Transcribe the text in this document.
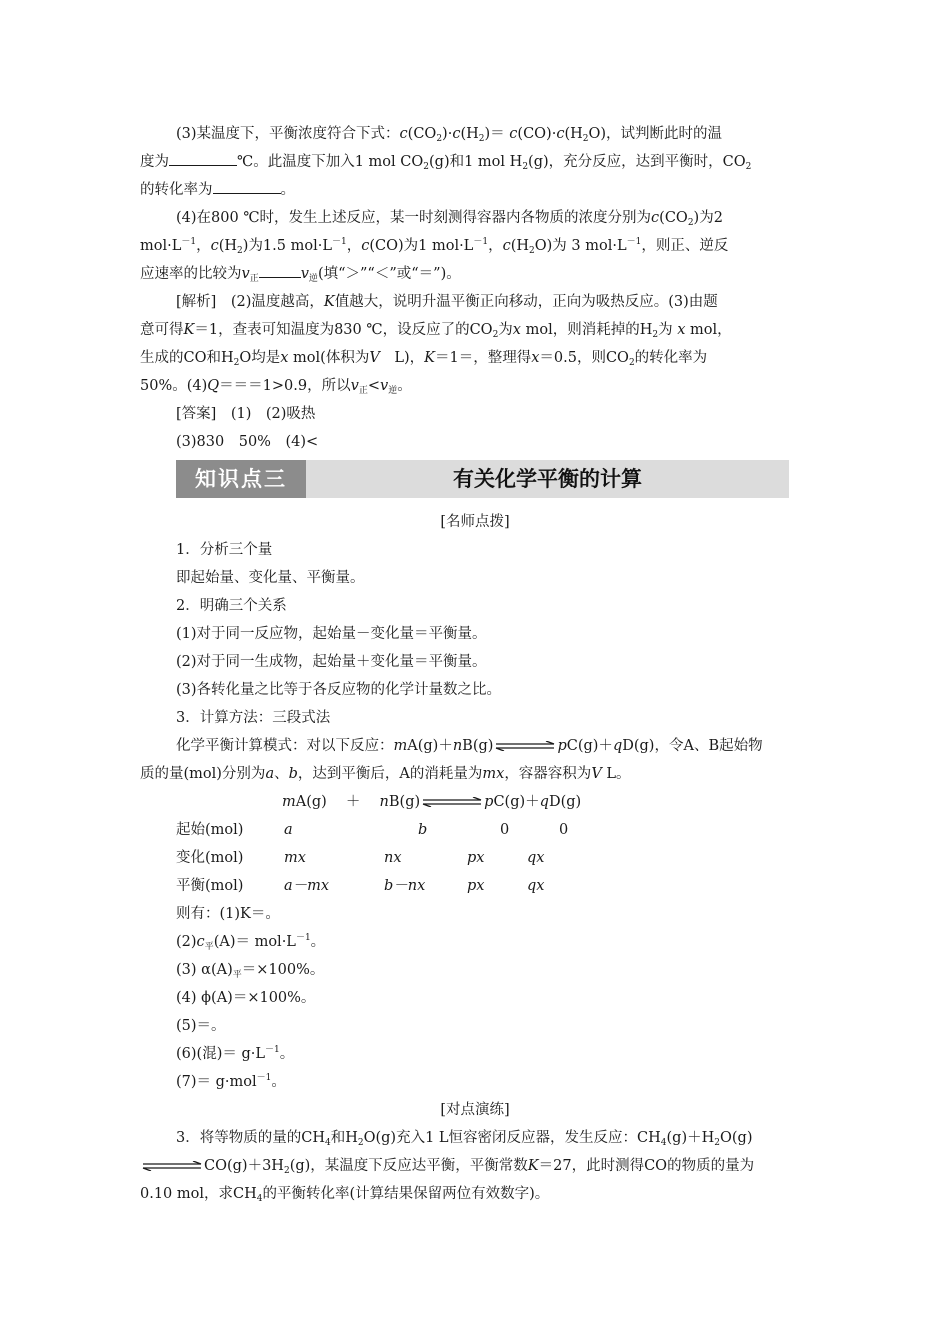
(3)某温度下，平衡浓度符合下式：$c(CO_2)\cdot c(H_2)= c(CO)\cdot c(H_2O)$，试判断此时的温
度为	℃。此温度下加入1 mol $CO_2(g)$和1 mol $H_2(g)$，充分反应，达到平衡时，$CO_2$
的转化率为	。
(4)在800 ℃时，发生上述反应，某一时刻测得容器内各物质的浓度分别为$c(CO_2)$为2
$mol\cdot L^{-1}$，$c(H_2)$为1.5 $mol\cdot L^{-1}$，c(CO)为1 $mol\cdot L^{-1}$，$c(H_2O)$为 3 $mol\cdot L^{-1}$，则正、逆反
应速率的比较为$v_正$	$v_逆$(填“＞”“＜”或“＝”)。
[解析]　(2)温度越高，K值越大，说明升温平衡正向移动，正向为吸热反应。(3)由题
意可得K＝1，查表可知温度为830 ℃，设反应了的$CO_2$为x mol，则消耗掉的$H_2$为 x mol，
生成的CO和$H_2O$均是x mol(体积为V　 L)，K＝1＝，整理得x＝0.5，则$CO_2$的转化率为
50%。(4)Q＝＝＝1>0.9，所以$v_正<v_逆$。
[答案]　(1)　(2)吸热
(3)830　50%　(4)<
知识点三	有关化学平衡的计算
[名师点拨]
1．分析三个量
即起始量、变化量、平衡量。
2．明确三个关系
(1)对于同一反应物，起始量－变化量＝平衡量。
(2)对于同一生成物，起始量＋变化量＝平衡量。
(3)各转化量之比等于各反应物的化学计量数之比。
3．计算方法：三段式法
化学平衡计算模式：对以下反应：mA(g)＋nB(g)	pC(g)＋qD(g)，令A、B起始物
质的量(mol)分别为a、b，达到平衡后，A的消耗量为mx，容器容积为V L。
mA(g)　 ＋　 nB(g)	pC(g)＋qD(g)
起始(mol)	a	b	0	0
变化(mol)	mx	nx	px	qx
平衡(mol)	a－mx	b－nx	px	qx
则有：(1)K＝。
$(2)c_平(A)= mol\cdot L^{-1}$。
(3) $\alpha(A)_平=\times 100\%$。
(4) ϕ(A)＝×100%。
(5)＝。
(6)(混)＝ $g\cdot L^{-1}$。
(7)＝ g·mol$^{-1}$。
[对点演练]
3．将等物质的量的$CH_4$和$H_2O(g)$充入1 L恒容密闭反应器，发生反应：$CH_4(g)+H_2O(g)$
$CO(g)+3H_2(g)$，某温度下反应达平衡，平衡常数K＝27，此时测得CO的物质的量为
0.10 mol，求$CH_4$的平衡转化率(计算结果保留两位有效数字)。
